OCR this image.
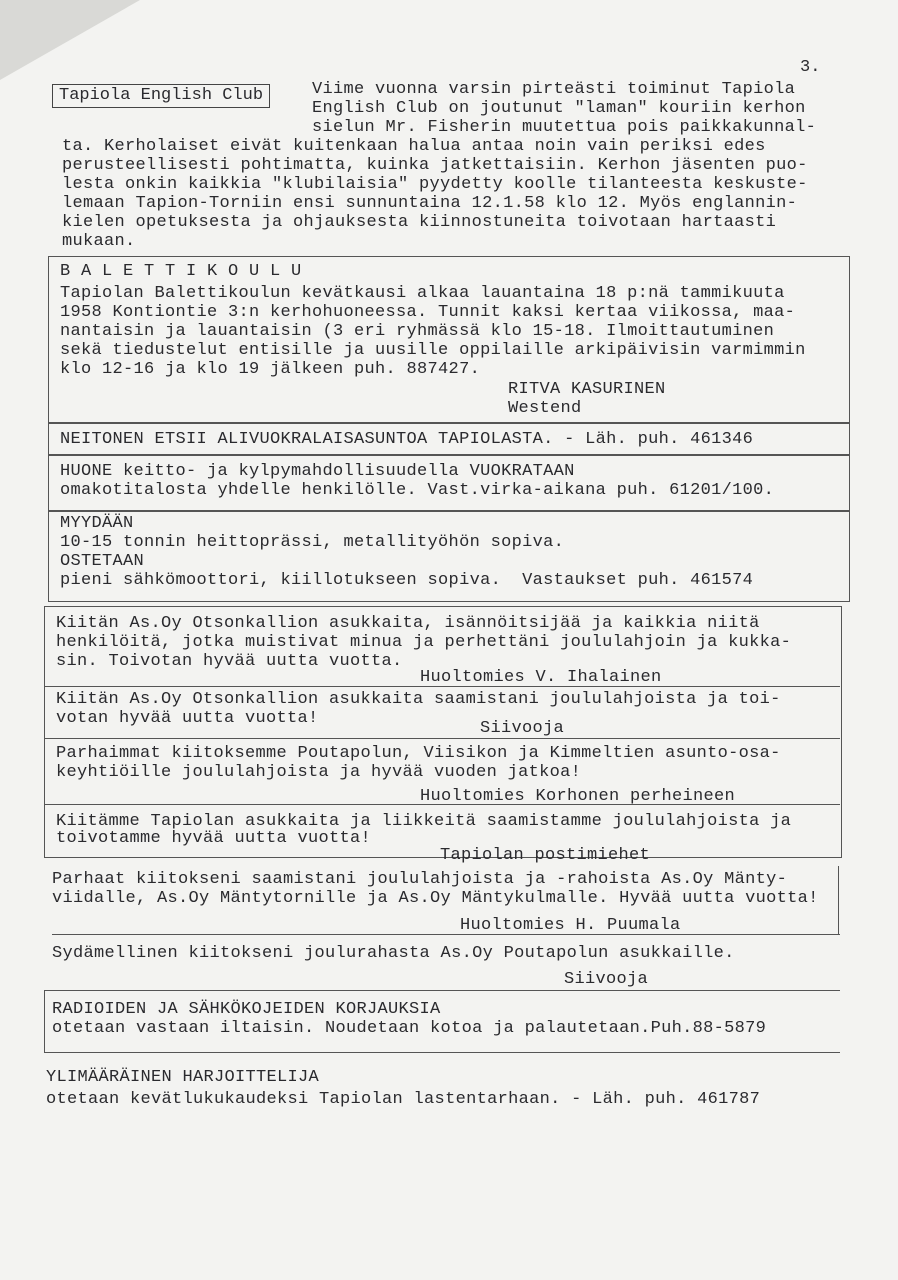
3.
Tapiola English Club	Viime vuonna varsin pirteästi toiminut Tapiola
English Club on joutunut "laman" kouriin kerhon
sielun Mr. Fisherin muutettua pois paikkakunnal-
ta. Kerholaiset eivät kuitenkaan halua antaa noin vain periksi edes
perusteellisesti pohtimatta, kuinka jatkettaisiin. Kerhon jäsenten puo-
lesta onkin kaikkia "klubilaisia" pyydetty koolle tilanteesta keskuste-
lemaan Tapion-Torniin ensi sunnuntaina 12.1.58 klo 12. Myös englannin-
kielen opetuksesta ja ohjauksesta kiinnostuneita toivotaan hartaasti
mukaan.
B A L E T T I K O U L U
Tapiolan Balettikoulun kevätkausi alkaa lauantaina 18 p:nä tammikuuta
1958 Kontiontie 3:n kerhohuoneessa. Tunnit kaksi kertaa viikossa, maa-
nantaisin ja lauantaisin (3 eri ryhmässä klo 15-18. Ilmoittautuminen
sekä tiedustelut entisille ja uusille oppilaille arkipäivisin varmimmin
klo 12-16 ja klo 19 jälkeen puh. 887427.
RITVA KASURINEN
Westend
NEITONEN ETSII ALIVUOKRALAISASUNTOA TAPIOLASTA. - Läh. puh. 461346
HUONE keitto- ja kylpymahdollisuudella VUOKRATAAN
omakotitalosta yhdelle henkilölle. Vast.virka-aikana puh. 61201/100.
MYYDÄÄN
10-15 tonnin heittoprässi, metallityöhön sopiva.
OSTETAAN
pieni sähkömoottori, kiillotukseen sopiva.  Vastaukset puh. 461574
Kiitän As.Oy Otsonkallion asukkaita, isännöitsijää ja kaikkia niitä
henkilöitä, jotka muistivat minua ja perhettäni joululahjoin ja kukka-
sin. Toivotan hyvää uutta vuotta.
Huoltomies V. Ihalainen
Kiitän As.Oy Otsonkallion asukkaita saamistani joululahjoista ja toi-
votan hyvää uutta vuotta!
Siivooja
Parhaimmat kiitoksemme Poutapolun, Viisikon ja Kimmeltien asunto-osa-
keyhtiöille joululahjoista ja hyvää vuoden jatkoa!
Huoltomies Korhonen perheineen
Kiitämme Tapiolan asukkaita ja liikkeitä saamistamme joululahjoista ja
toivotamme hyvää uutta vuotta!
Tapiolan postimiehet
Parhaat kiitokseni saamistani joululahjoista ja -rahoista As.Oy Mänty-
viidalle, As.Oy Mäntytornille ja As.Oy Mäntykulmalle. Hyvää uutta vuotta!
Huoltomies H. Puumala
Sydämellinen kiitokseni joulurahasta As.Oy Poutapolun asukkaille.
Siivooja
RADIOIDEN JA SÄHKÖKOJEIDEN KORJAUKSIA
otetaan vastaan iltaisin. Noudetaan kotoa ja palautetaan.Puh.88-5879
YLIMÄÄRÄINEN HARJOITTELIJA
otetaan kevätlukukaudeksi Tapiolan lastentarhaan. - Läh. puh. 461787
